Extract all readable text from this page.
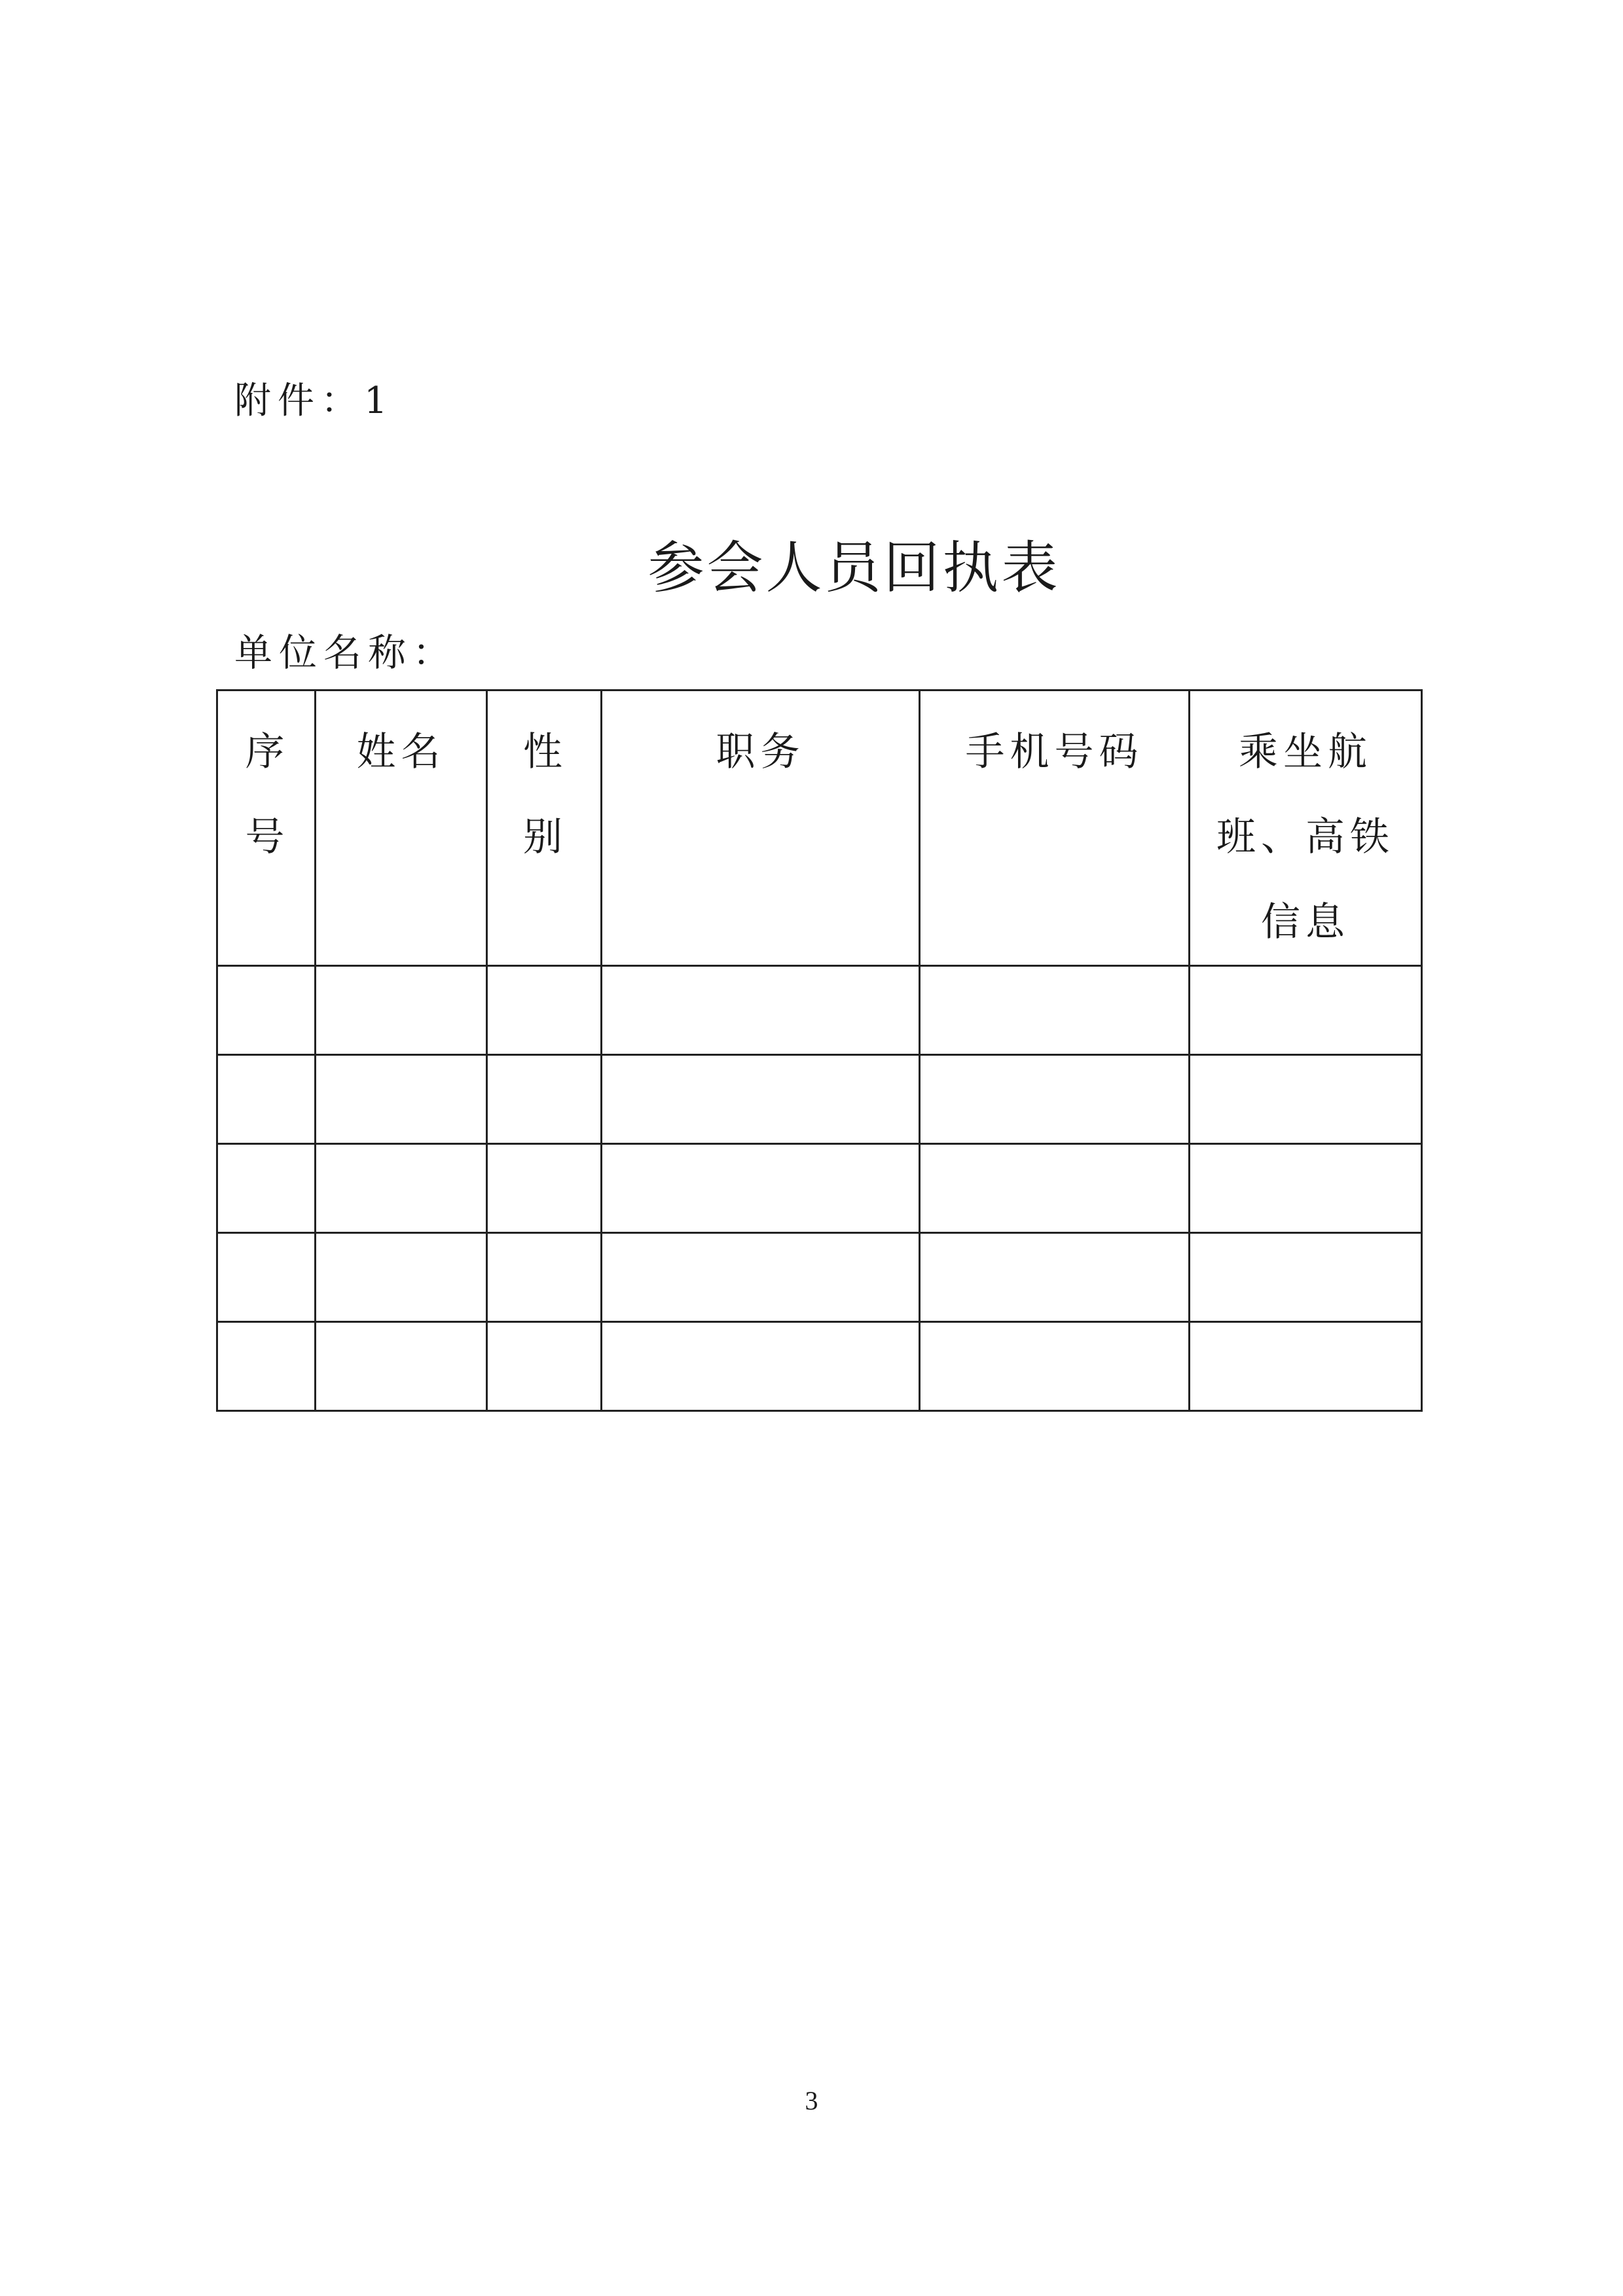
附件：1
参会人员回执表
单位名称：
序号	姓名	性别	职务	手机号码	乘坐航班、高铁信息

3
